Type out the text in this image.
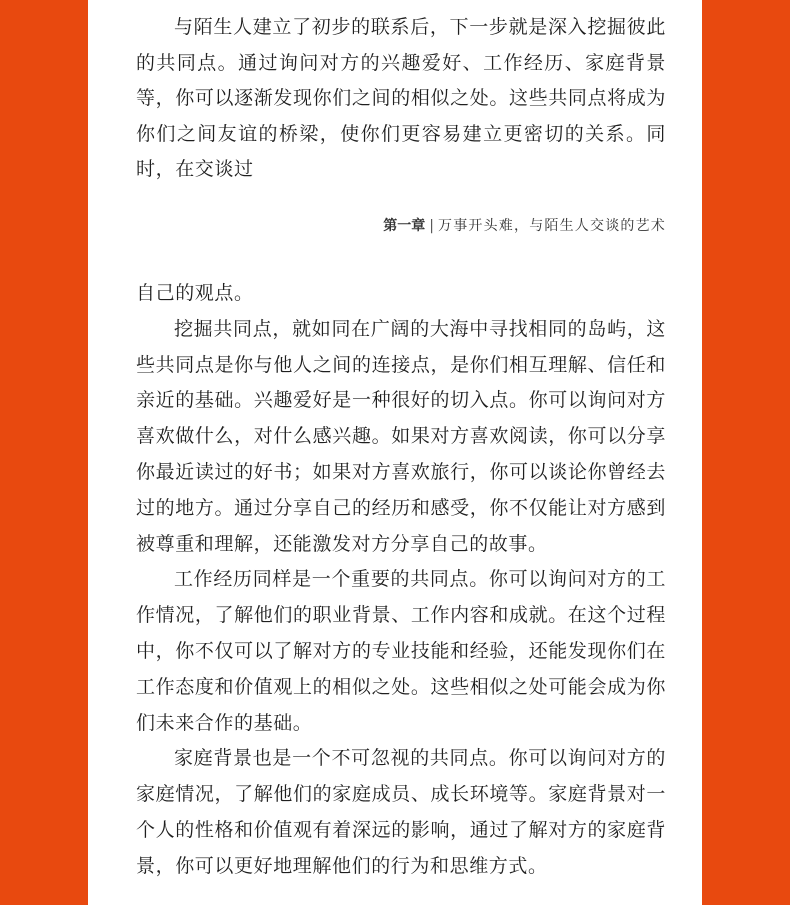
与陌生人建立了初步的联系后，下一步就是深入挖掘彼此的共同点。通过询问对方的兴趣爱好、工作经历、家庭背景等，你可以逐渐发现你们之间的相似之处。这些共同点将成为你们之间友谊的桥梁，使你们更容易建立更密切的关系。同时，在交谈过

第一章 | 万事开头难，与陌生人交谈的艺术

自己的观点。

挖掘共同点，就如同在广阔的大海中寻找相同的岛屿，这些共同点是你与他人之间的连接点，是你们相互理解、信任和亲近的基础。兴趣爱好是一种很好的切入点。你可以询问对方喜欢做什么，对什么感兴趣。如果对方喜欢阅读，你可以分享你最近读过的好书；如果对方喜欢旅行，你可以谈论你曾经去过的地方。通过分享自己的经历和感受，你不仅能让对方感到被尊重和理解，还能激发对方分享自己的故事。

工作经历同样是一个重要的共同点。你可以询问对方的工作情况，了解他们的职业背景、工作内容和成就。在这个过程中，你不仅可以了解对方的专业技能和经验，还能发现你们在工作态度和价值观上的相似之处。这些相似之处可能会成为你们未来合作的基础。

家庭背景也是一个不可忽视的共同点。你可以询问对方的家庭情况，了解他们的家庭成员、成长环境等。家庭背景对一个人的性格和价值观有着深远的影响，通过了解对方的家庭背景，你可以更好地理解他们的行为和思维方式。
